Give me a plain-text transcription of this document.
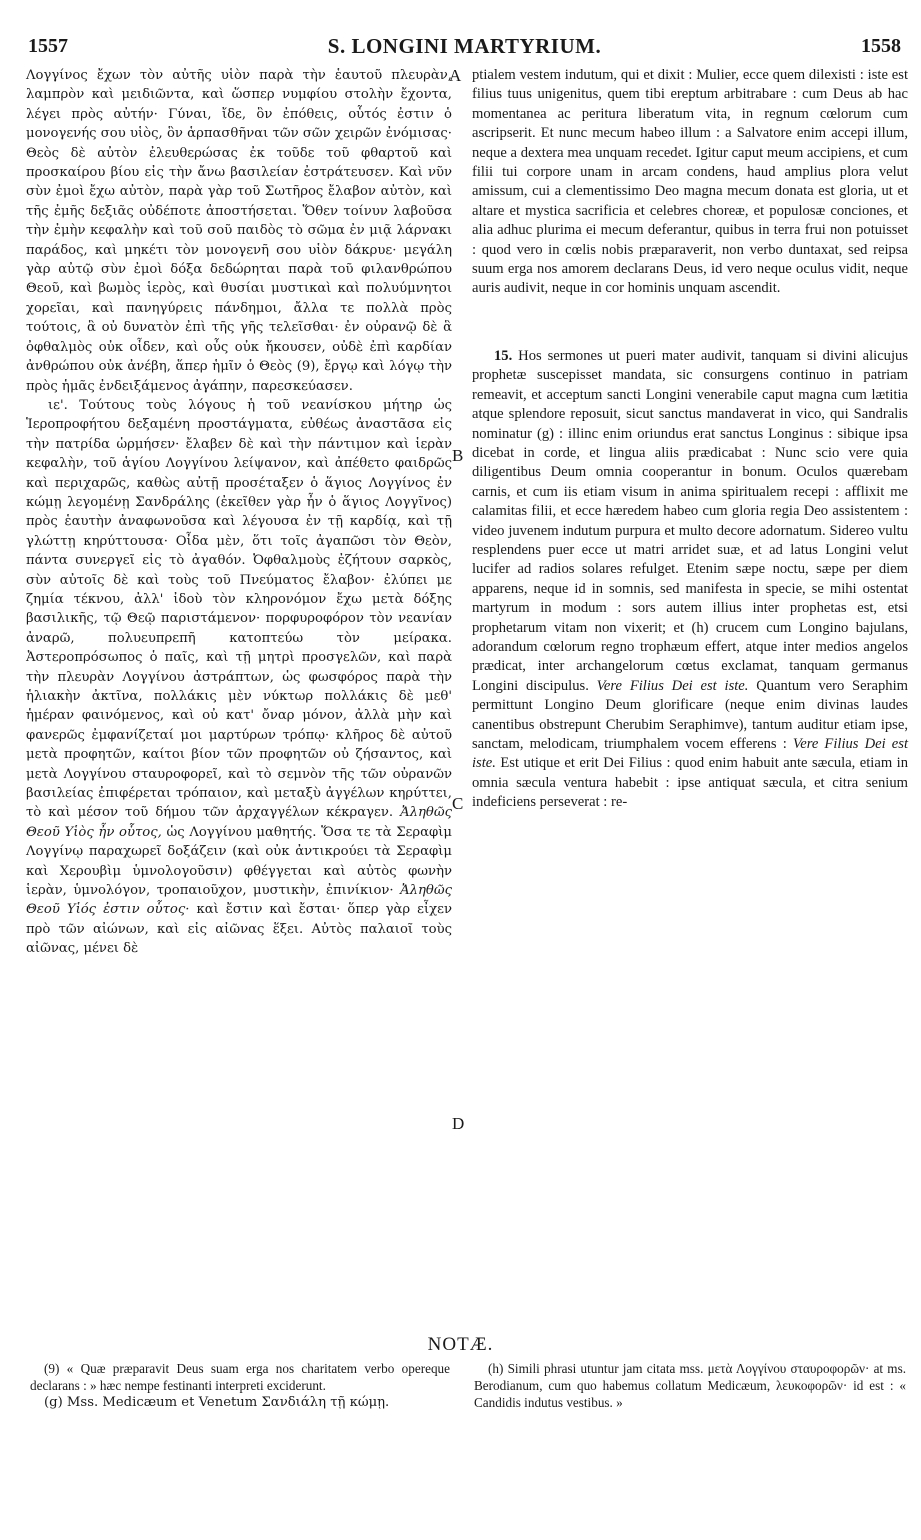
1557	S. LONGINI MARTYRIUM.	1558

Λογγίνος ἔχων τὸν αὐτῆς υἱὸν παρὰ τὴν ἑαυτοῦ πλευρὰν, λαμπρὸν καὶ μειδιῶντα, καὶ ὥσπερ νυμφίου στολὴν ἔχοντα, λέγει πρὸς αὐτήν· Γύναι, ἴδε, ὃν ἐπόθεις, οὗτός ἐστιν ὁ μονογενής σου υἱὸς, ὃν ἁρπασθῆναι τῶν σῶν χειρῶν ἐνόμισας· Θεὸς δὲ αὐτὸν ἐλευθερώσας ἐκ τοῦδε τοῦ φθαρτοῦ καὶ προσκαίρου βίου εἰς τὴν ἄνω βασιλείαν ἐστράτευσεν. Καὶ νῦν σὺν ἐμοὶ ἔχω αὐτὸν, παρὰ γὰρ τοῦ Σωτῆρος ἔλαβον αὐτὸν, καὶ τῆς ἐμῆς δεξιᾶς οὐδέποτε ἀποστήσεται. Ὅθεν τοίνυν λαβοῦσα τὴν ἐμὴν κεφαλὴν καὶ τοῦ σοῦ παιδὸς τὸ σῶμα ἐν μιᾷ λάρνακι παράδος, καὶ μηκέτι τὸν μονογενῆ σου υἱὸν δάκρυε· μεγάλη γὰρ αὐτῷ σὺν ἐμοὶ δόξα δεδώρηται παρὰ τοῦ φιλανθρώπου Θεοῦ, καὶ βωμὸς ἱερὸς, καὶ θυσίαι μυστικαὶ καὶ πολυύμνητοι χορεῖαι, καὶ πανηγύρεις πάνδημοι, ἄλλα τε πολλὰ πρὸς τούτοις, ἃ οὐ δυνατὸν ἐπὶ τῆς γῆς τελεῖσθαι· ἐν οὐρανῷ δὲ ἃ ὀφθαλμὸς οὐκ οἶδεν, καὶ οὖς οὐκ ἤκουσεν, οὐδὲ ἐπὶ καρδίαν ἀνθρώπου οὐκ ἀνέβη, ἅπερ ἡμῖν ὁ Θεὸς (9), ἔργῳ καὶ λόγῳ τὴν πρὸς ἡμᾶς ἐνδειξάμενος ἀγάπην, παρεσκεύασεν.

ιε'. Τούτους τοὺς λόγους ἡ τοῦ νεανίσκου μήτηρ ὡς Ἱεροπροφήτου δεξαμένη προστάγματα, εὐθέως ἀναστᾶσα εἰς τὴν πατρίδα ὡρμήσεν· ἔλαβεν δὲ καὶ τὴν πάντιμον καὶ ἱερὰν κεφαλὴν, τοῦ ἁγίου Λογγίνου λείψανον, καὶ ἀπέθετο φαιδρῶς καὶ περιχαρῶς, καθὼς αὐτῇ προσέταξεν ὁ ἅγιος Λογγίνος ἐν κώμῃ λεγομένῃ Σανδράλης (ἐκεῖθεν γὰρ ἦν ὁ ἅγιος Λογγῖνος) πρὸς ἑαυτὴν ἀναφωνοῦσα καὶ λέγουσα ἐν τῇ καρδίᾳ, καὶ τῇ γλώττῃ κηρύττουσα· Οἶδα μὲν, ὅτι τοῖς ἀγαπῶσι τὸν Θεὸν, πάντα συνεργεῖ εἰς τὸ ἀγαθόν. Ὀφθαλμοὺς ἐζήτουν σαρκὸς, σὺν αὐτοῖς δὲ καὶ τοὺς τοῦ Πνεύματος ἔλαβον· ἐλύπει με ζημία τέκνου, ἀλλ' ἰδοὺ τὸν κληρονόμον ἔχω μετὰ δόξης βασιλικῆς, τῷ Θεῷ παριστάμενον· πορφυροφόρον τὸν νεανίαν ἀναρῶ, πολυευπρεπῆ κατοπτεύω τὸν μείρακα. Ἀστεροπρόσωπος ὁ παῖς, καὶ τῇ μητρὶ προσγελῶν, καὶ παρὰ τὴν πλευρὰν Λογγίνου ἀστράπτων, ὡς φωσφόρος παρὰ τὴν ἡλιακὴν ἀκτῖνα, πολλάκις μὲν νύκτωρ πολλάκις δὲ μεθ' ἡμέραν φαινόμενος, καὶ οὐ κατ' ὄναρ μόνον, ἀλλὰ μὴν καὶ φανερῶς ἐμφανίζεταί μοι μαρτύρων τρόπῳ· κλῆρος δὲ αὐτοῦ μετὰ προφητῶν, καίτοι βίον τῶν προφητῶν οὐ ζήσαντος, καὶ μετὰ Λογγίνου σταυροφορεῖ, καὶ τὸ σεμνὸν τῆς τῶν οὐρανῶν βασιλείας ἐπιφέρεται τρόπαιον, καὶ μεταξὺ ἀγγέλων κηρύττει, τὸ καὶ μέσον τοῦ δήμου τῶν ἀρχαγγέλων κέκραγεν. Ἀληθῶς Θεοῦ Υἱὸς ἦν οὗτος, ὡς Λογγίνου μαθητής. Ὅσα τε τὰ Σεραφὶμ Λογγίνῳ παραχωρεῖ δοξάζειν (καὶ οὐκ ἀντικρούει τὰ Σεραφὶμ καὶ Χερουβὶμ ὑμνολογοῦσιν) φθέγγεται καὶ αὐτὸς φωνὴν ἱερὰν, ὑμνολόγον, τροπαιοῦχον, μυστικὴν, ἐπινίκιον· Ἀληθῶς Θεοῦ Υἱός ἐστιν οὗτος· καὶ ἔστιν καὶ ἔσται· ὅπερ γὰρ εἶχεν πρὸ τῶν αἰώνων, καὶ εἰς αἰῶνας ἕξει. Αὐτὸς παλαιοῖ τοὺς αἰῶνας, μένει δὲ

ptialem vestem indutum, qui et dixit : Mulier, ecce quem dilexisti : iste est filius tuus unigenitus, quem tibi ereptum arbitrabare : cum Deus ab hac momentanea ac peritura liberatum vita, in regnum cœlorum cum ascripserit. Et nunc mecum habeo illum : a Salvatore enim accepi illum, neque a dextera mea unquam recedet. Igitur caput meum accipiens, et cum filii tui corpore unam in arcam condens, haud amplius plora velut amissum, cui a clementissimo Deo magna mecum donata est gloria, ut et altare et mystica sacrificia et celebres choreæ, et populosæ conciones, et alia adhuc plurima ei mecum deferantur, quibus in terra frui non potuisset : quod vero in cœlis nobis præparaverit, non verbo duntaxat, sed reipsa suum erga nos amorem declarans Deus, id vero neque oculus vidit, neque auris audivit, neque in cor hominis unquam ascendit.

15. Hos sermones ut pueri mater audivit, tanquam si divini alicujus prophetæ suscepisset mandata, sic consurgens continuo in patriam remeavit, et acceptum sancti Longini venerabile caput magna cum lætitia atque splendore reposuit, sicut sanctus mandaverat in vico, qui Sandralis nominatur (g) : illinc enim oriundus erat sanctus Longinus : sibique ipsa dicebat in corde, et lingua aliis prædicabat : Nunc scio vere quia diligentibus Deum omnia cooperantur in bonum. Oculos quærebam carnis, et cum iis etiam visum in anima spiritualem recepi : afflixit me calamitas filii, et ecce hæredem habeo cum gloria regia Deo assistentem : video juvenem indutum purpura et multo decore adornatum. Sidereo vultu resplendens puer ecce ut matri arridet suæ, et ad latus Longini velut lucifer ad radios solares refulget. Etenim sæpe noctu, sæpe per diem apparens, neque id in somnis, sed manifesta in specie, se mihi ostentat martyrum in modum : sors autem illius inter prophetas est, etsi prophetarum vitam non vixerit; et (h) crucem cum Longino bajulans, adorandum cœlorum regno trophæum effert, atque inter medios angelos prædicat, inter archangelorum cœtus exclamat, tanquam germanus Longini discipulus. Vere Filius Dei est iste. Quantum vero Seraphim permittunt Longino Deum glorificare (neque enim divinas laudes canentibus obstrepunt Cherubim Seraphimve), tantum auditur etiam ipse, sanctam, melodicam, triumphalem vocem efferens : Vere Filius Dei est iste. Est utique et erit Dei Filius : quod enim habuit ante sæcula, etiam in omnia sæcula ventura habebit : ipse antiquat sæcula, et citra senium indeficiens perseverat : re-

A
B
C
D
NOTÆ.

(9) « Quæ præparavit Deus suam erga nos charitatem verbo opereque declarans : » hæc nempe festinanti interpreti exciderunt.

(g) Mss. Medicæum et Venetum Σανδιάλη τῇ κώμῃ.

(h) Simili phrasi utuntur jam citata mss. μετὰ Λογγίνου σταυροφορῶν· at ms. Berodianum, cum quo habemus collatum Medicæum, λευκοφορῶν· id est : « Candidis indutus vestibus. »
